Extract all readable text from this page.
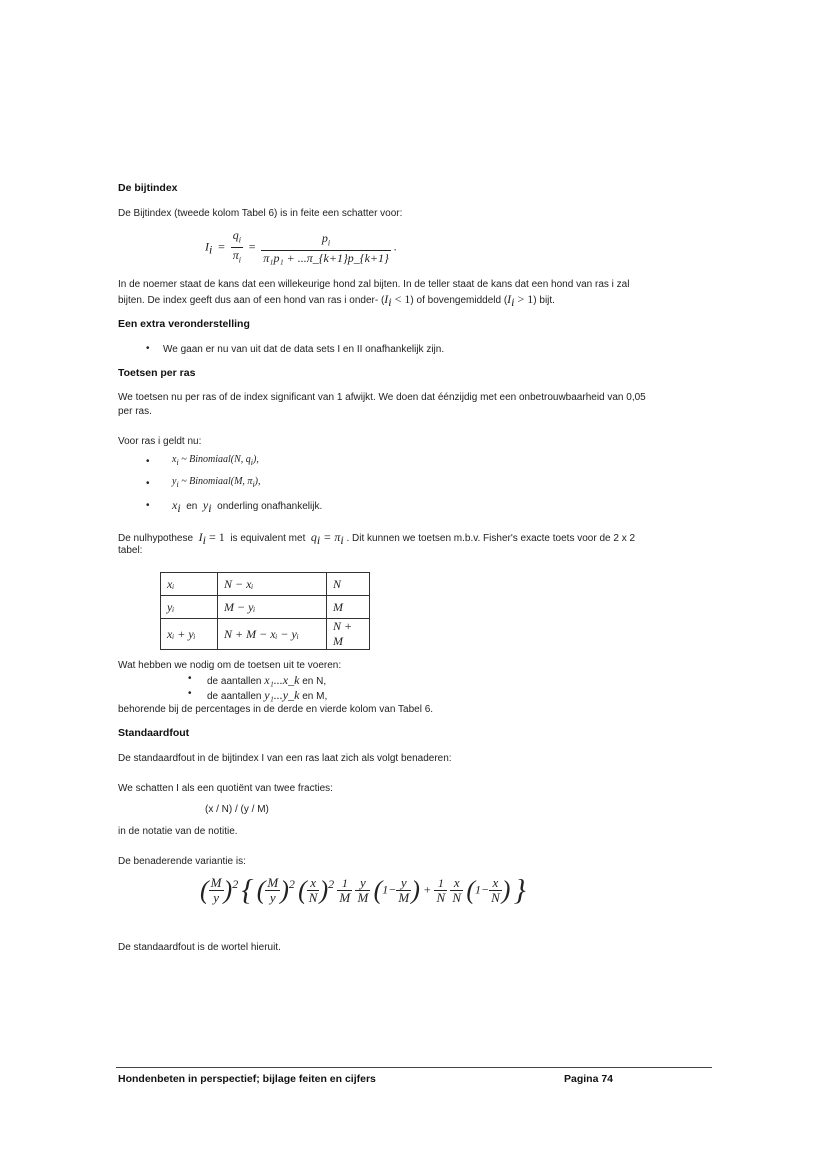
De bijtindex
De Bijtindex (tweede kolom Tabel 6) is in feite een schatter voor:
$I_i = \frac{q_i}{\pi_i} = \frac{p_i}{\text{π₁p₁ + ...π\_\{k+1\}p\_\{k+1\}}}$ .
In de noemer staat de kans dat een willekeurige hond zal bijten. In de teller staat de kans dat een hond van ras i zal
bijten. De index geeft dus aan of een hond van ras i onder- $(I_i < 1)$ of bovengemiddeld $(I_i > 1)$ bijt.
Een extra veronderstelling
• We gaan er nu van uit dat de data sets I en II onafhankelijk zijn.
Toetsen per ras
We toetsen nu per ras of de index significant van 1 afwijkt. We doen dat éénzijdig met een onbetrouwbaarheid van 0,05
per ras.
Voor ras i geldt nu:
• $x_i$ ~ Binomiaal(N, $q_i$),
• $y_i$ ~ Binomiaal(M, $\pi_i$),
• $x_i$ en $y_i$ onderling onafhankelijk.
De nulhypothese $I_i = 1$ is equivalent met $q_i = \pi_i$ . Dit kunnen we toetsen m.b.v. Fisher's exacte toets voor de 2 x 2
tabel:
xᵢ	N − xᵢ	N
yᵢ	M − yᵢ	M
xᵢ + yᵢ	N + M − xᵢ − yᵢ	N + M
Wat hebben we nodig om de toetsen uit te voeren:
• de aantallen x₁...x_k en N,
• de aantallen y₁...y_k en M,
behorende bij de percentages in de derde en vierde kolom van Tabel 6.
Standaardfout
De standaardfout in de bijtindex I van een ras laat zich als volgt benaderen:
We schatten I als een quotiënt van twee fracties:
(x / N) / (y / M)
in de notatie van de notitie.
De benaderende variantie is:
( $\frac{M}{y} )^2$ { ( $\frac{M}{y} )^2$ ( $\frac{x}{N} )^2 \frac{1}{M}$
$\frac{y}{M} (1- \frac{y}{M}$ ) + $\frac{1}{N}$
$\frac{x}{N} (1- \frac{x}{N}$ ) }
De standaardfout is de wortel hieruit.
Hondenbeten in perspectief; bijlage feiten en cijfers	Pagina 74
